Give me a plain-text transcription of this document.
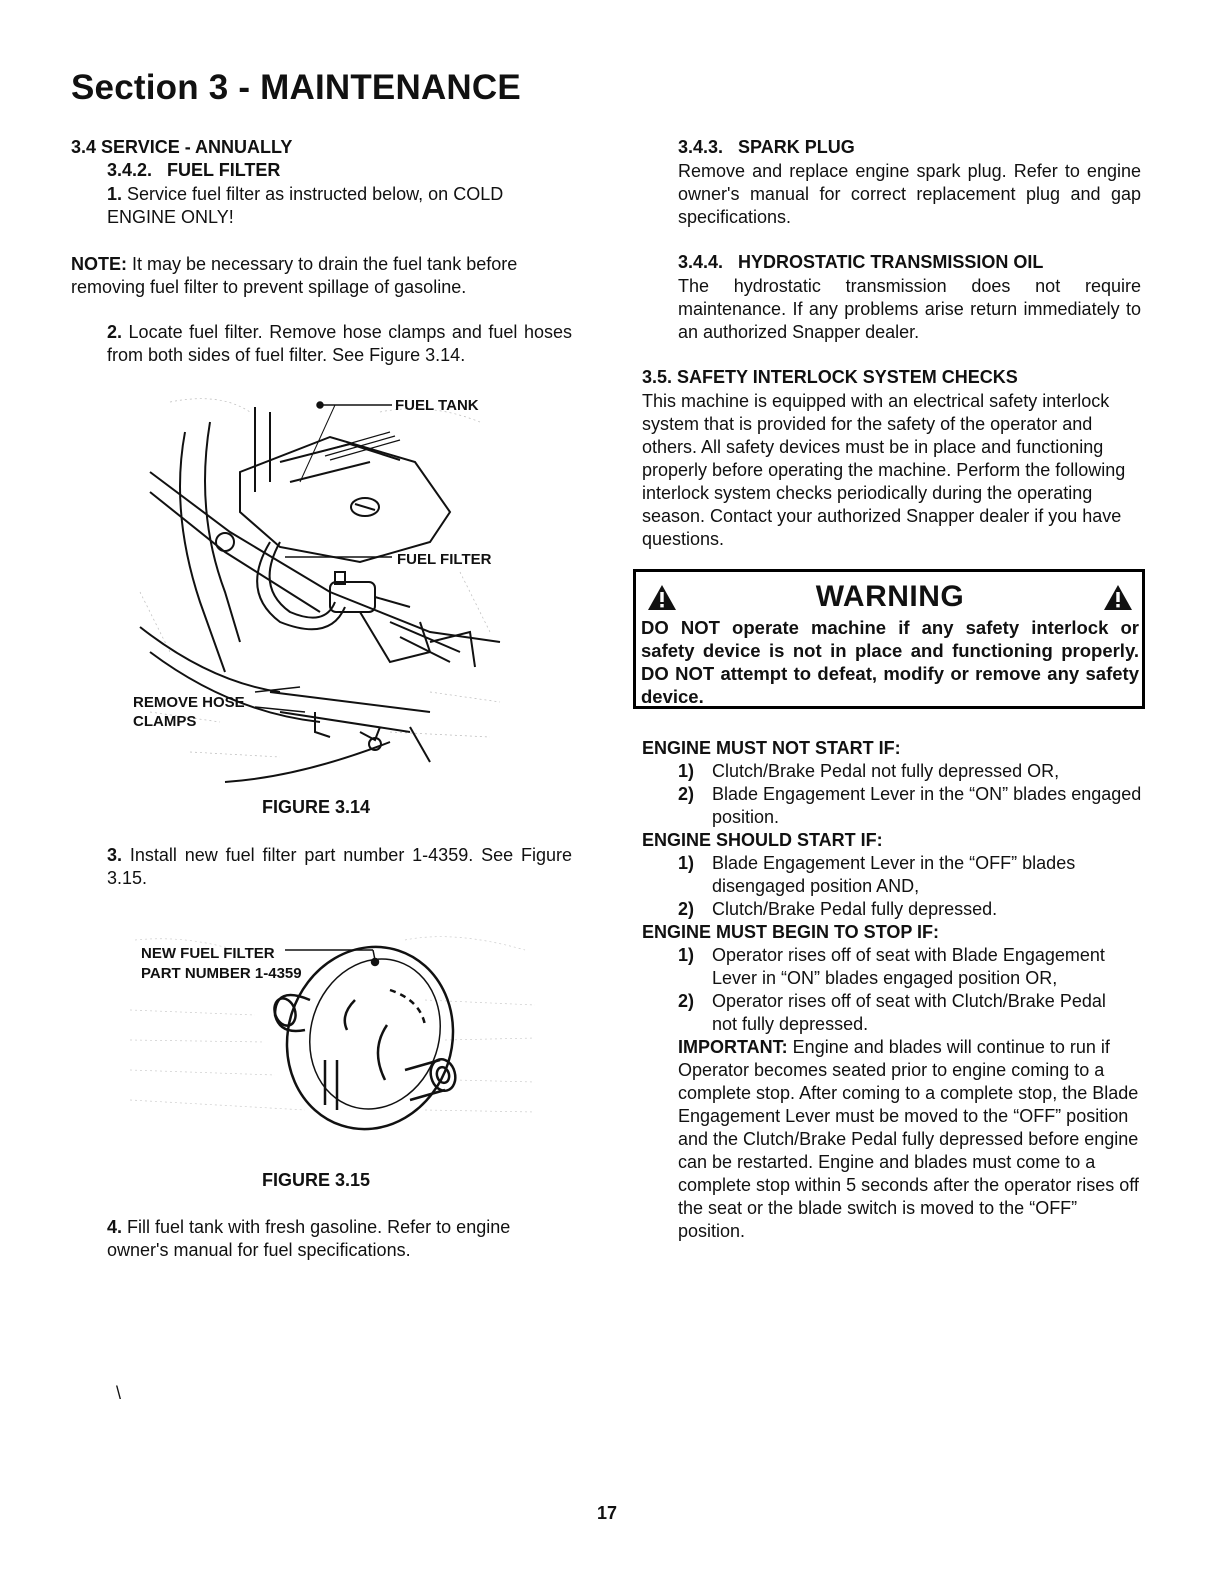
Section 3 - MAINTENANCE
3.4 SERVICE - ANNUALLY
3.4.2.   FUEL FILTER
1. Service fuel filter as instructed below, on COLD ENGINE ONLY!
NOTE: It may be necessary to drain the fuel tank before removing fuel filter to prevent spillage of gasoline.
2. Locate fuel filter. Remove hose clamps and fuel hoses from both sides of fuel filter. See Figure 3.14.
FUEL TANK
FUEL FILTER
REMOVE HOSE
CLAMPS
FIGURE 3.14
3. Install new fuel filter part number 1-4359. See Figure 3.15.
NEW FUEL FILTER
PART NUMBER 1-4359
FIGURE 3.15
4. Fill fuel tank with fresh gasoline. Refer to engine owner's manual for fuel specifications.
\
3.4.3.   SPARK PLUG
Remove and replace engine spark plug. Refer to engine owner's manual for correct replacement plug and gap specifications.
3.4.4.   HYDROSTATIC TRANSMISSION OIL
The hydrostatic transmission does not require maintenance. If any problems arise return immediately to an authorized Snapper dealer.
3.5. SAFETY INTERLOCK SYSTEM CHECKS
This machine is equipped with an electrical safety interlock system that is provided for the safety of the operator and others. All safety devices must be in place and functioning properly before operating the machine. Perform the following interlock system checks periodically during the operating season. Contact your authorized Snapper dealer if you have questions.
WARNING
DO NOT operate machine if any safety interlock or safety device is not in place and functioning properly. DO NOT attempt to defeat, modify or remove any safety device.
ENGINE MUST NOT START IF:
1) Clutch/Brake Pedal not fully depressed OR,
2) Blade Engagement Lever in the “ON” blades engaged position.
ENGINE SHOULD START IF:
1) Blade Engagement Lever in the “OFF” blades disengaged position AND,
2) Clutch/Brake Pedal fully depressed.
ENGINE MUST BEGIN TO STOP IF:
1) Operator rises off of seat with Blade Engagement Lever in “ON” blades engaged position OR,
2) Operator rises off of seat with Clutch/Brake Pedal not fully depressed.
IMPORTANT: Engine and blades will continue to run if Operator becomes seated prior to engine coming to a complete stop. After coming to a complete stop, the Blade Engagement Lever must be moved to the “OFF” position and the Clutch/Brake Pedal fully depressed before engine can be restarted. Engine and blades must come to a complete stop within 5 seconds after the operator rises off the seat or the blade switch is moved to the “OFF” position.
17
